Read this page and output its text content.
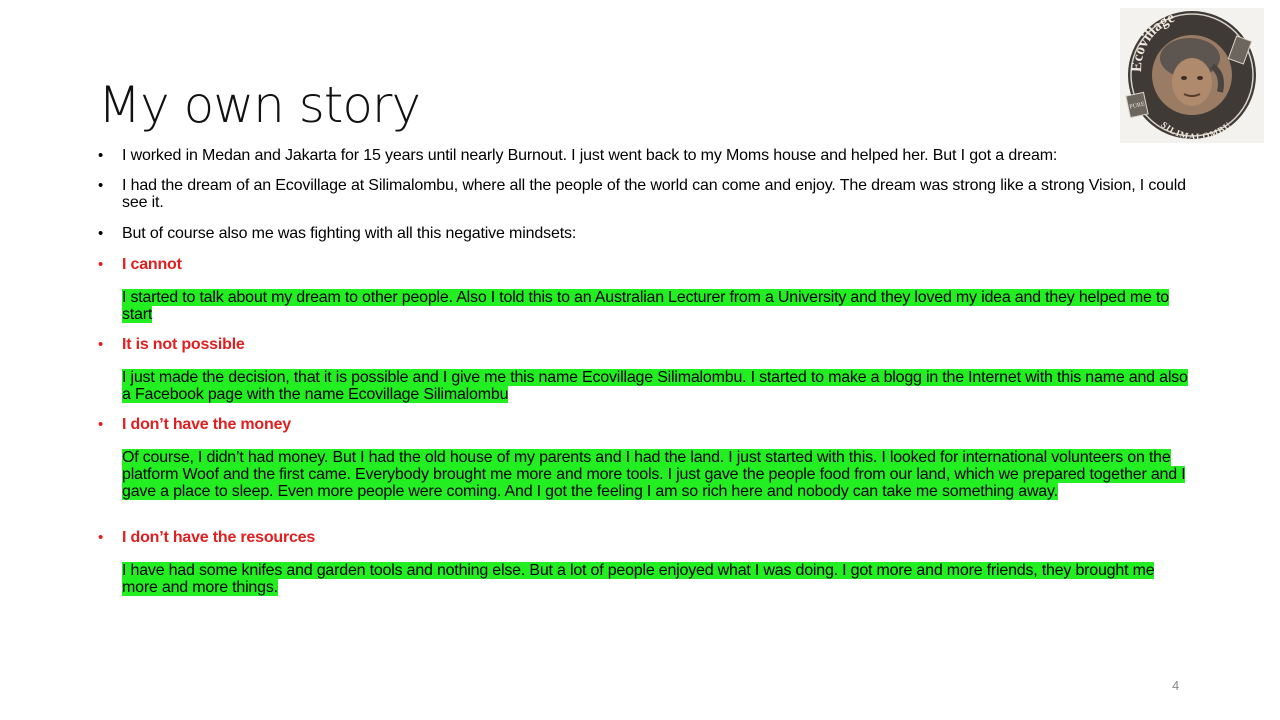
My own story	PURE
Ecovillage
SILIMALOMBU
•	I worked in Medan and Jakarta for 15 years until nearly Burnout. I just went back to my Moms house and helped her. But I got a dream:
•	I had the dream of an Ecovillage at Silimalombu, where all the people of the world can come and enjoy. The dream was strong like a strong Vision, I could see it.
•	But of course also me was fighting with all this negative mindsets:
•	I cannot
I started to talk about my dream to other people. Also I told this to an Australian Lecturer from a University and they loved my idea and they helped me to start
•	It is not possible
I just made the decision, that it is possible and I give me this name Ecovillage Silimalombu. I started to make a blogg in the Internet with this name and also a Facebook page with the name Ecovillage Silimalombu
•	I don’t have the money
Of course, I didn’t had money. But I had the old house of my parents and I had the land. I just started with this. I looked for international volunteers on the platform Woof and the first came. Everybody brought me more and more tools. I just gave the people food from our land, which we prepared together and I gave a place to sleep. Even more people were coming. And I got the feeling I am so rich here and nobody can take me something away.
•	I don’t have the resources
I have had some knifes and garden tools and nothing else. But a lot of people enjoyed what I was doing. I got more and more friends, they brought me more and more things.
4
